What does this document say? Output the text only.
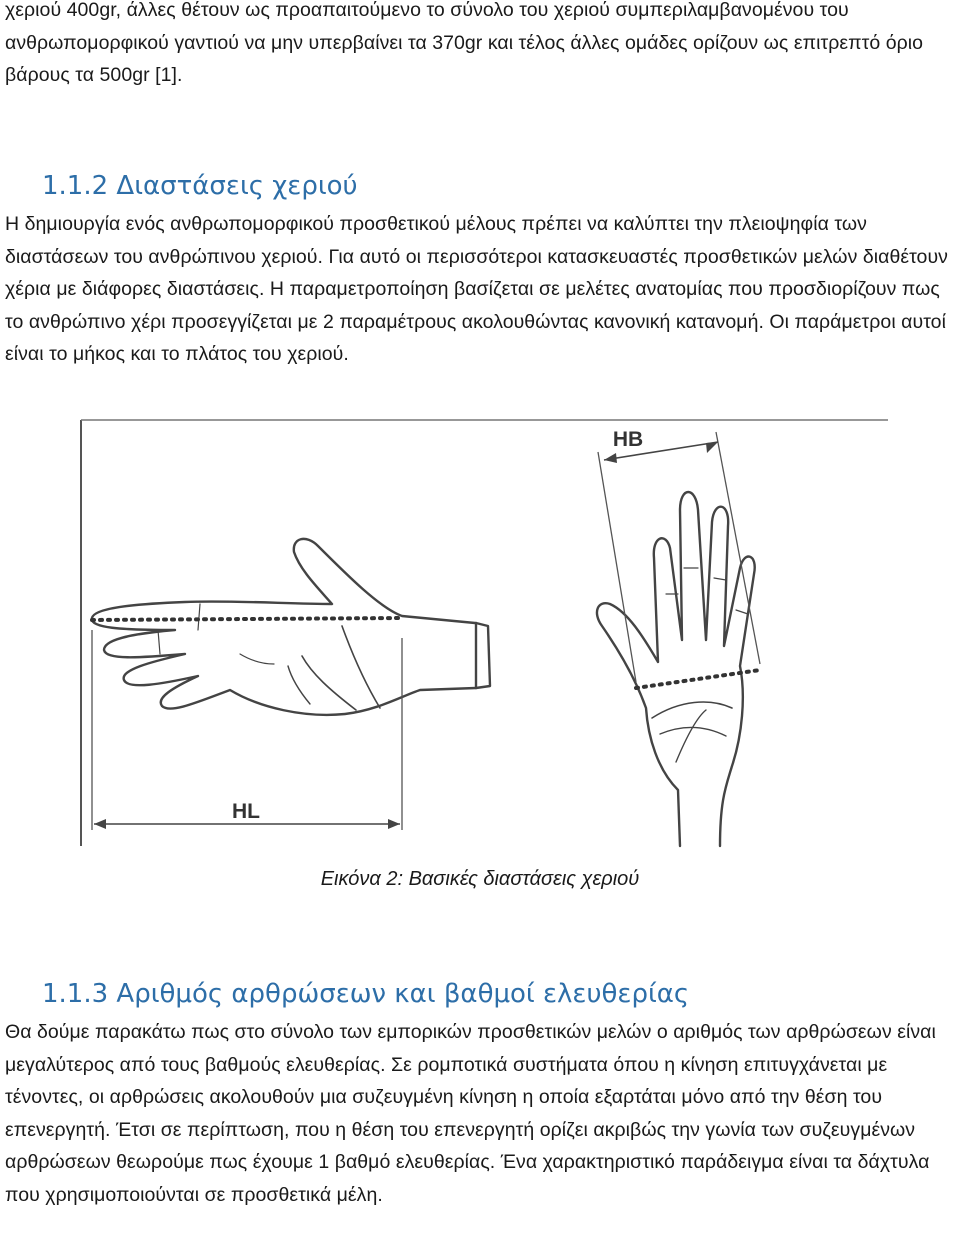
χεριού 400gr, άλλες θέτουν ως προαπαιτούμενο το σύνολο του χεριού συμπεριλαμβανομένου του ανθρωπομορφικού γαντιού να μην υπερβαίνει τα 370gr και τέλος άλλες ομάδες ορίζουν ως επιτρεπτό όριο βάρους τα 500gr [1].

1.1.2 Διαστάσεις χεριού

Η δημιουργία ενός ανθρωπομορφικού προσθετικού μέλους πρέπει να καλύπτει την πλειοψηφία των διαστάσεων του ανθρώπινου χεριού. Για αυτό οι περισσότεροι κατασκευαστές προσθετικών μελών διαθέτουν χέρια με διάφορες διαστάσεις. Η παραμετροποίηση βασίζεται σε μελέτες ανατομίας που προσδιορίζουν πως το ανθρώπινο χέρι προσεγγίζεται με 2 παραμέτρους ακολουθώντας κανονική κατανομή. Οι παράμετροι αυτοί είναι το μήκος και το πλάτος του χεριού.

HL
HB
Εικόνα 2: Βασικές διαστάσεις χεριού
1.1.3 Αριθμός αρθρώσεων και βαθμοί ελευθερίας

Θα δούμε παρακάτω πως στο σύνολο των εμπορικών προσθετικών μελών ο αριθμός των αρθρώσεων είναι μεγαλύτερος από τους βαθμούς ελευθερίας. Σε ρομποτικά συστήματα όπου η κίνηση επιτυγχάνεται με τένοντες, οι αρθρώσεις ακολουθούν μια συζευγμένη κίνηση η οποία εξαρτάται μόνο από την θέση του επενεργητή. Έτσι σε περίπτωση, που η θέση του επενεργητή ορίζει ακριβώς την γωνία των συζευγμένων αρθρώσεων θεωρούμε πως έχουμε 1 βαθμό ελευθερίας. Ένα χαρακτηριστικό παράδειγμα είναι τα δάχτυλα που χρησιμοποιούνται σε προσθετικά μέλη.
